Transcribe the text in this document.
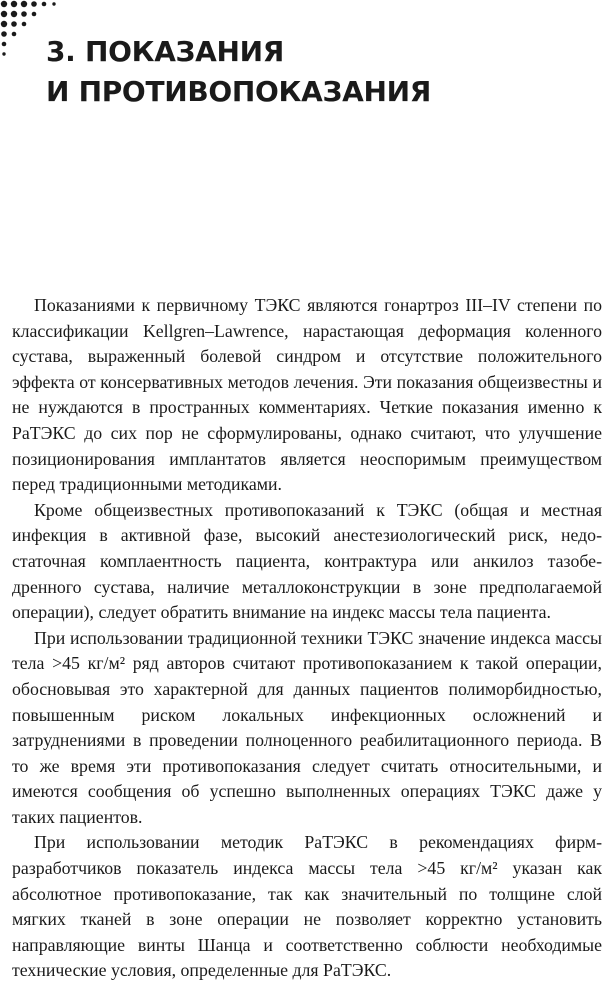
3. ПОКАЗАНИЯ
И ПРОТИВОПОКАЗАНИЯ

Показаниями к первичному ТЭКС являются гонартроз III–IV степени по классификации Kellgren–Lawrence, нарастающая деформация коленного сустава, выраженный болевой синдром и отсутствие положительного эффекта от консервативных методов лечения. Эти показания общеизвестны и не нуждаются в пространных комментариях. Четкие показания именно к РаТЭКС до сих пор не сформулированы, однако считают, что улучшение позиционирования имплантатов является неоспоримым преимуществом перед традиционными методиками.

Кроме общеизвестных противопоказаний к ТЭКС (общая и местная инфекция в активной фазе, высокий анестезиологический риск, недостаточная комплаентность пациента, контрактура или анкилоз тазобедренного сустава, наличие металлоконструкции в зоне предполагаемой операции), следует обратить внимание на индекс массы тела пациента.

При использовании традиционной техники ТЭКС значение индекса массы тела >45 кг/м² ряд авторов считают противопоказанием к такой операции, обосновывая это характерной для данных пациентов полиморбидностью, повышенным риском локальных инфекционных осложнений и затруднениями в проведении полноценного реабилитационного периода. В то же время эти противопоказания следует считать относительными, и имеются сообщения об успешно выполненных операциях ТЭКС даже у таких пациентов.

При использовании методик РаТЭКС в рекомендациях фирм-разработчиков показатель индекса массы тела >45 кг/м² указан как абсолютное противопоказание, так как значительный по толщине слой мягких тканей в зоне операции не позволяет корректно установить направляющие винты Шанца и соответственно соблюсти необходимые технические условия, определенные для РаТЭКС.
